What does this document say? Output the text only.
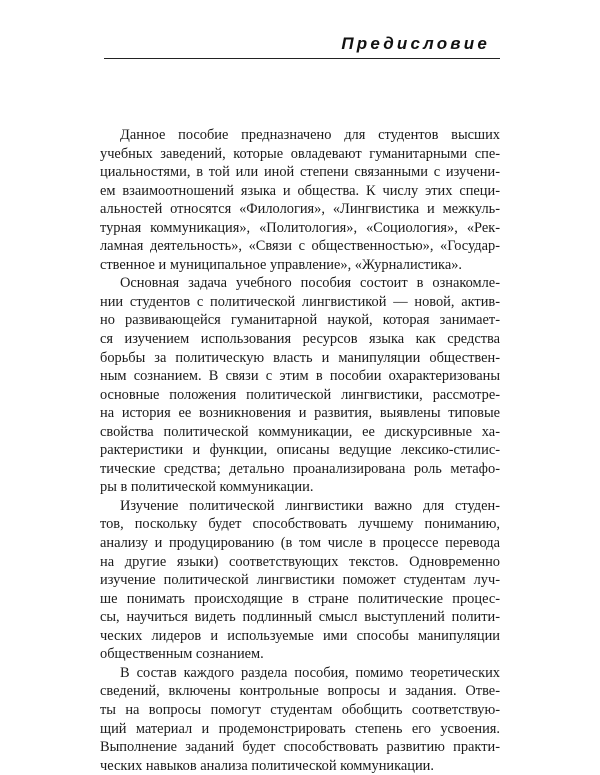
Предисловие
Данное пособие предназначено для студентов высших
учебных заведений, которые овладевают гуманитарными спе-
циальностями, в той или иной степени связанными с изучени-
ем взаимоотношений языка и общества. К числу этих специ-
альностей относятся «Филология», «Лингвистика и межкуль-
турная коммуникация», «Политология», «Социология», «Рек-
ламная деятельность», «Связи с общественностью», «Государ-
ственное и муниципальное управление», «Журналистика».
Основная задача учебного пособия состоит в ознакомле-
нии студентов с политической лингвистикой — новой, актив-
но развивающейся гуманитарной наукой, которая занимает-
ся изучением использования ресурсов языка как средства
борьбы за политическую власть и манипуляции обществен-
ным сознанием. В связи с этим в пособии охарактеризованы
основные положения политической лингвистики, рассмотре-
на история ее возникновения и развития, выявлены типовые
свойства политической коммуникации, ее дискурсивные ха-
рактеристики и функции, описаны ведущие лексико-стилис-
тические средства; детально проанализирована роль метафо-
ры в политической коммуникации.
Изучение политической лингвистики важно для студен-
тов, поскольку будет способствовать лучшему пониманию,
анализу и продуцированию (в том числе в процессе перевода
на другие языки) соответствующих текстов. Одновременно
изучение политической лингвистики поможет студентам луч-
ше понимать происходящие в стране политические процес-
сы, научиться видеть подлинный смысл выступлений полити-
ческих лидеров и используемые ими способы манипуляции
общественным сознанием.
В состав каждого раздела пособия, помимо теоретических
сведений, включены контрольные вопросы и задания. Отве-
ты на вопросы помогут студентам обобщить соответствую-
щий материал и продемонстрировать степень его усвоения.
Выполнение заданий будет способствовать развитию практи-
ческих навыков анализа политической коммуникации.
